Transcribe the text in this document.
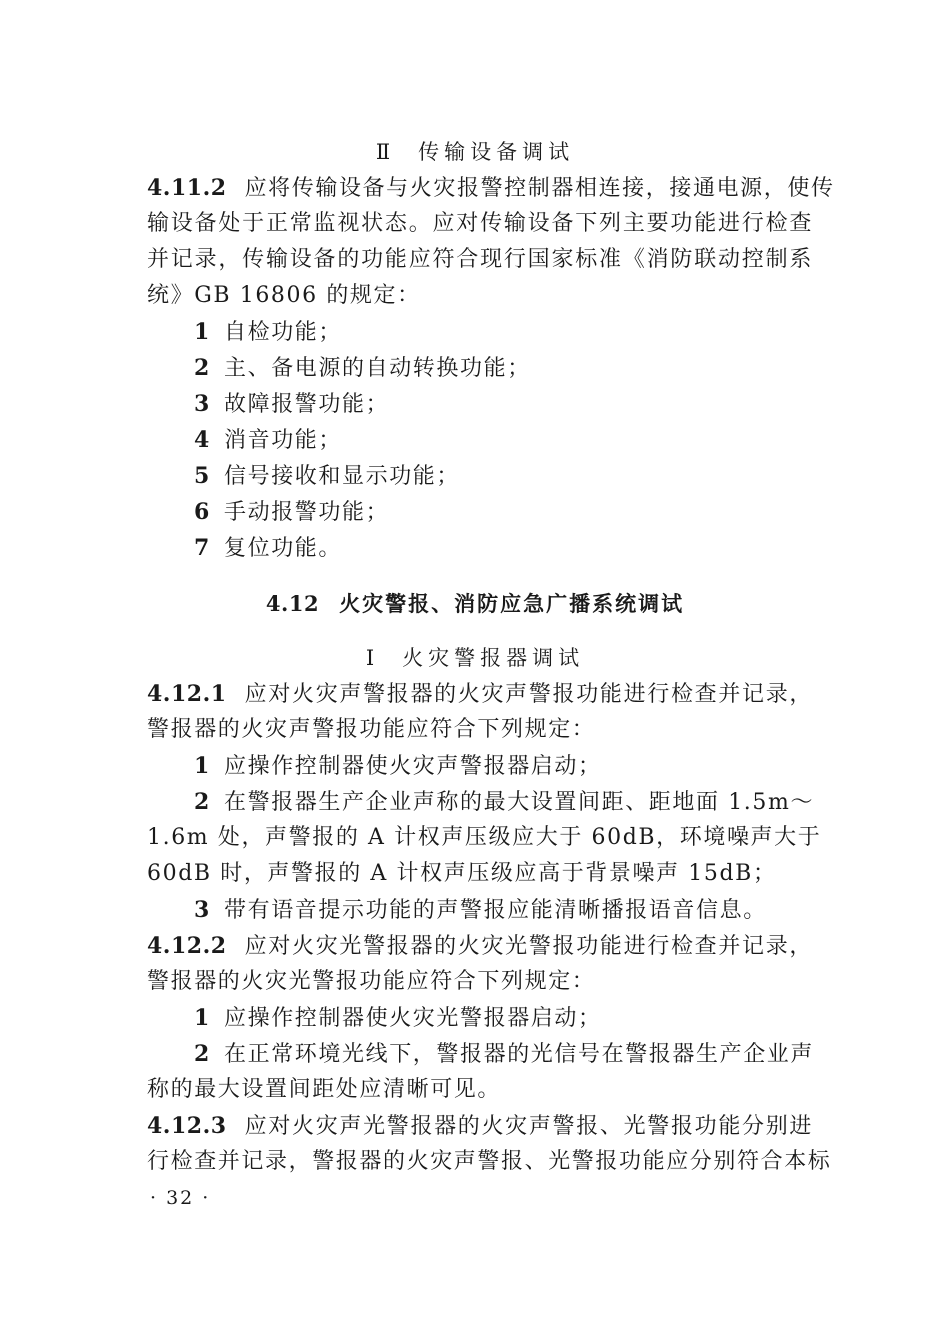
Ⅱ 传输设备调试
4.11.2 应将传输设备与火灾报警控制器相连接，接通电源，使传
输设备处于正常监视状态。应对传输设备下列主要功能进行检查
并记录，传输设备的功能应符合现行国家标准《消防联动控制系
统》GB 16806 的规定：
1 自检功能；
2 主、备电源的自动转换功能；
3 故障报警功能；
4 消音功能；
5 信号接收和显示功能；
6 手动报警功能；
7 复位功能。
4.12 火灾警报、消防应急广播系统调试
Ⅰ 火灾警报器调试
4.12.1 应对火灾声警报器的火灾声警报功能进行检查并记录，
警报器的火灾声警报功能应符合下列规定：
1 应操作控制器使火灾声警报器启动；
2 在警报器生产企业声称的最大设置间距、距地面 1.5m～
1.6m 处，声警报的 A 计权声压级应大于 60dB，环境噪声大于
60dB 时，声警报的 A 计权声压级应高于背景噪声 15dB；
3 带有语音提示功能的声警报应能清晰播报语音信息。
4.12.2 应对火灾光警报器的火灾光警报功能进行检查并记录，
警报器的火灾光警报功能应符合下列规定：
1 应操作控制器使火灾光警报器启动；
2 在正常环境光线下，警报器的光信号在警报器生产企业声
称的最大设置间距处应清晰可见。
4.12.3 应对火灾声光警报器的火灾声警报、光警报功能分别进
行检查并记录，警报器的火灾声警报、光警报功能应分别符合本标
· 32 ·
